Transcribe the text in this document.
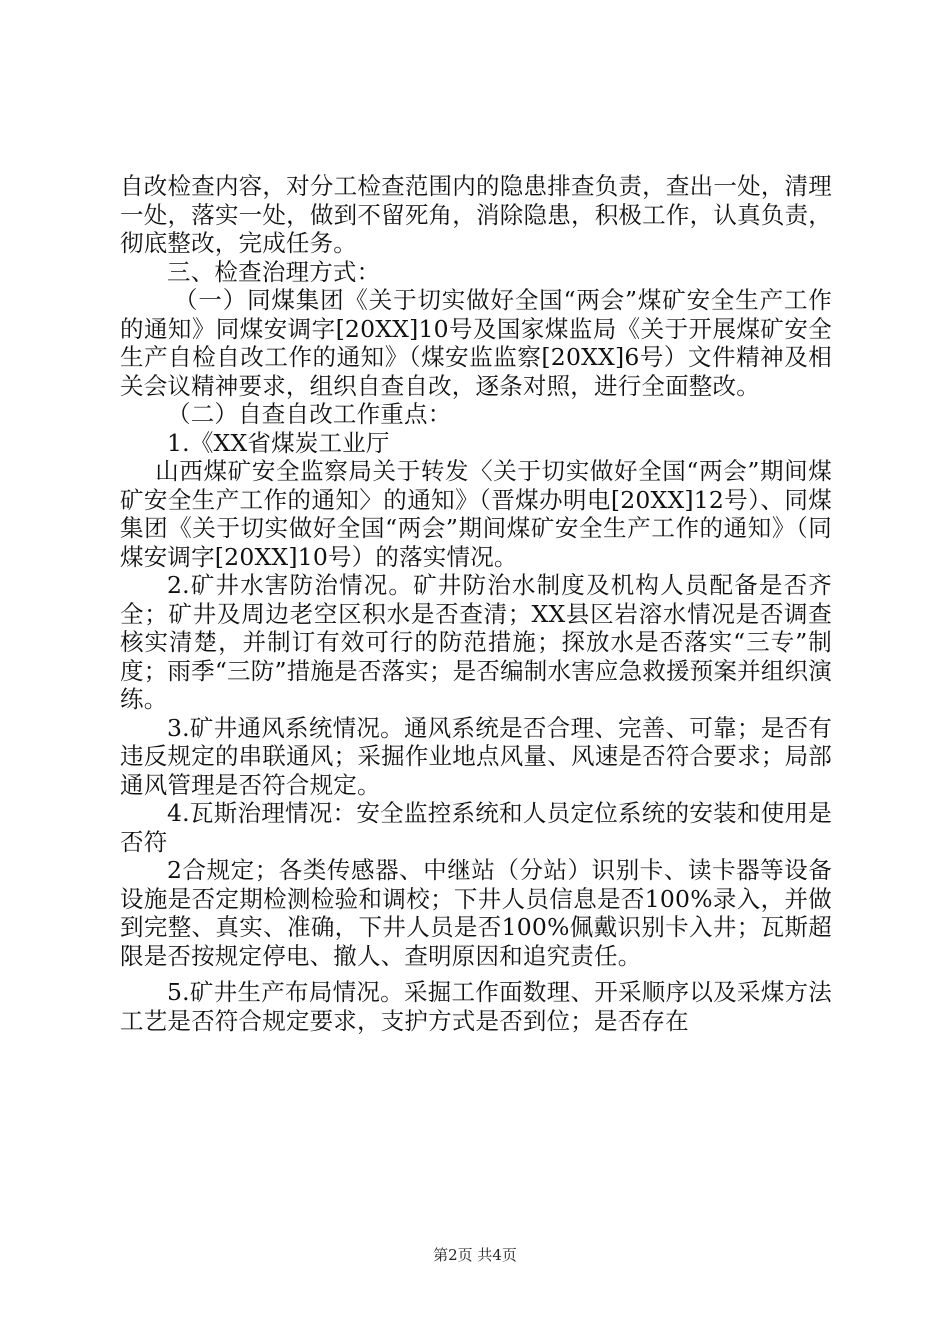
自改检查内容，对分工检查范围内的隐患排查负责，查出一处，清理一处，落实一处，做到不留死角，消除隐患，积极工作，认真负责，彻底整改，完成任务。

三、检查治理方式：

（一）同煤集团《关于切实做好全国“两会”煤矿安全生产工作的通知》同煤安调字[20XX]10号及国家煤监局《关于开展煤矿安全生产自检自改工作的通知》（煤安监监察[20XX]6号）文件精神及相关会议精神要求，组织自查自改，逐条对照，进行全面整改。

（二）自查自改工作重点：

1.《XX省煤炭工业厅

山西煤矿安全监察局关于转发〈关于切实做好全国“两会”期间煤矿安全生产工作的通知〉的通知》（晋煤办明电[20XX]12号）、同煤集团《关于切实做好全国“两会”期间煤矿安全生产工作的通知》（同煤安调字[20XX]10号）的落实情况。

2.矿井水害防治情况。矿井防治水制度及机构人员配备是否齐全；矿井及周边老空区积水是否查清；XX县区岩溶水情况是否调查核实清楚，并制订有效可行的防范措施；探放水是否落实“三专”制度；雨季“三防”措施是否落实；是否编制水害应急救援预案并组织演练。

3.矿井通风系统情况。通风系统是否合理、完善、可靠；是否有违反规定的串联通风；采掘作业地点风量、风速是否符合要求；局部通风管理是否符合规定。

4.瓦斯治理情况：安全监控系统和人员定位系统的安装和使用是否符

2合规定；各类传感器、中继站（分站）识别卡、读卡器等设备设施是否定期检测检验和调校；下井人员信息是否100%录入，并做到完整、真实、准确，下井人员是否100%佩戴识别卡入井；瓦斯超限是否按规定停电、撤人、查明原因和追究责任。

5.矿井生产布局情况。采掘工作面数理、开采顺序以及采煤方法工艺是否符合规定要求，支护方式是否到位；是否存在

第2页 共4页
